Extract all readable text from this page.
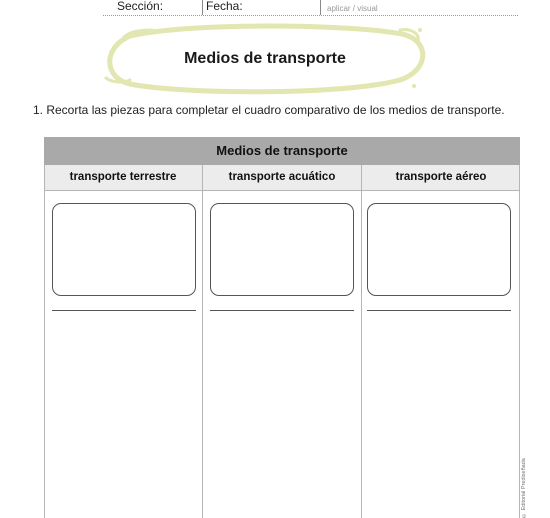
Sección:	Fecha:	aplicar / visual
Medios de transporte
1. Recorta las piezas para completar el cuadro comparativo de los medios de transporte.
Medios de transporte
transporte terrestre	transporte acuático	transporte aéreo
© Editorial Prediseñada
